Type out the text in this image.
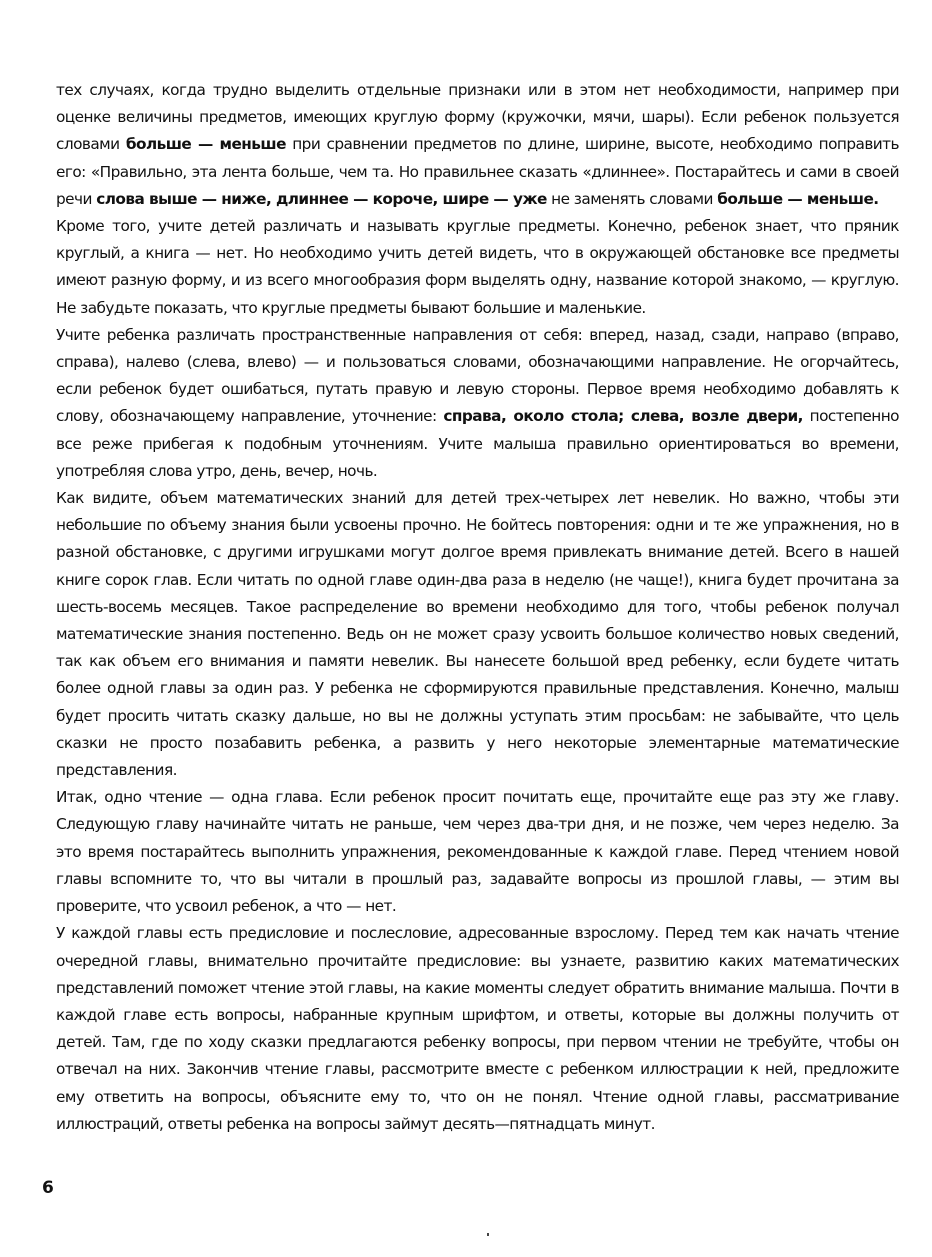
тех случаях, когда трудно выделить отдельные признаки или в этом нет необходимости, например при оценке величины предметов, имеющих круглую форму (кружочки, мячи, шары). Если ребенок пользуется словами больше — меньше при сравнении предметов по длине, ширине, высоте, необходимо поправить его: «Правильно, эта лента больше, чем та. Но правильнее сказать «длиннее». Постарайтесь и сами в своей речи слова выше — ниже, длиннее — короче, шире — уже не заменять словами больше — меньше.

Кроме того, учите детей различать и называть круглые предметы. Конечно, ребенок знает, что пряник круглый, а книга — нет. Но необходимо учить детей видеть, что в окружающей обстановке все предметы имеют разную форму, и из всего многообразия форм выделять одну, название которой знакомо, — круглую. Не забудьте показать, что круглые предметы бывают большие и маленькие.

Учите ребенка различать пространственные направления от себя: вперед, назад, сзади, направо (вправо, справа), налево (слева, влево) — и пользоваться словами, обозначающими направление. Не огорчайтесь, если ребенок будет ошибаться, путать правую и левую стороны. Первое время необходимо добавлять к слову, обозначающему направление, уточнение: справа, около стола; слева, возле двери, постепенно все реже прибегая к подобным уточнениям. Учите малыша правильно ориентироваться во времени, употребляя слова утро, день, вечер, ночь.

Как видите, объем математических знаний для детей трех-четырех лет невелик. Но важно, чтобы эти небольшие по объему знания были усвоены прочно. Не бойтесь повторения: одни и те же упражнения, но в разной обстановке, с другими игрушками могут долгое время привлекать внимание детей. Всего в нашей книге сорок глав. Если читать по одной главе один-два раза в неделю (не чаще!), книга будет прочитана за шесть-восемь месяцев. Такое распределение во времени необходимо для того, чтобы ребенок получал математические знания постепенно. Ведь он не может сразу усвоить большое количество новых сведений, так как объем его внимания и памяти невелик. Вы нанесете большой вред ребенку, если будете читать более одной главы за один раз. У ребенка не сформируются правильные представления. Конечно, малыш будет просить читать сказку дальше, но вы не должны уступать этим просьбам: не забывайте, что цель сказки не просто позабавить ребенка, а развить у него некоторые элементарные математические представления.

Итак, одно чтение — одна глава. Если ребенок просит почитать еще, прочитайте еще раз эту же главу. Следующую главу начинайте читать не раньше, чем через два-три дня, и не позже, чем через неделю. За это время постарайтесь выполнить упражнения, рекомендованные к каждой главе. Перед чтением новой главы вспомните то, что вы читали в прошлый раз, задавайте вопросы из прошлой главы, — этим вы проверите, что усвоил ребенок, а что — нет.

У каждой главы есть предисловие и послесловие, адресованные взрослому. Перед тем как начать чтение очередной главы, внимательно прочитайте предисловие: вы узнаете, развитию каких математических представлений поможет чтение этой главы, на какие моменты следует обратить внимание малыша. Почти в каждой главе есть вопросы, набранные крупным шрифтом, и ответы, которые вы должны получить от детей. Там, где по ходу сказки предлагаются ребенку вопросы, при первом чтении не требуйте, чтобы он отвечал на них. Закончив чтение главы, рассмотрите вместе с ребенком иллюстрации к ней, предложите ему ответить на вопросы, объясните ему то, что он не понял. Чтение одной главы, рассматривание иллюстраций, ответы ребенка на вопросы займут десять—пятнадцать минут.

6
